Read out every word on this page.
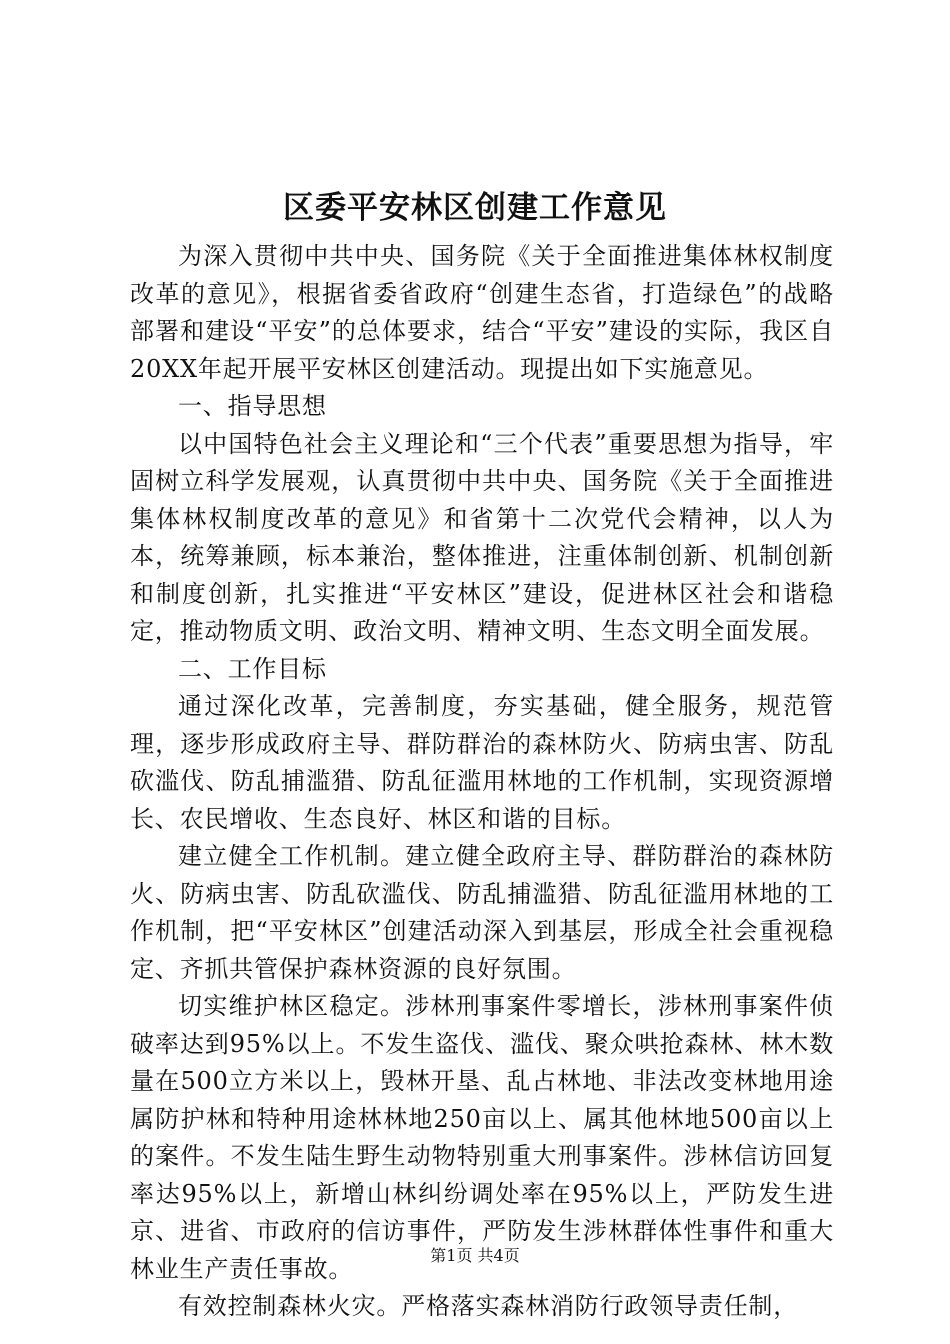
区委平安林区创建工作意见

为深入贯彻中共中央、国务院《关于全面推进集体林权制度改革的意见》，根据省委省政府“创建生态省，打造绿色”的战略部署和建设“平安”的总体要求，结合“平安”建设的实际，我区自20XX年起开展平安林区创建活动。现提出如下实施意见。

一、指导思想

以中国特色社会主义理论和“三个代表”重要思想为指导，牢固树立科学发展观，认真贯彻中共中央、国务院《关于全面推进集体林权制度改革的意见》和省第十二次党代会精神，以人为本，统筹兼顾，标本兼治，整体推进，注重体制创新、机制创新和制度创新，扎实推进“平安林区”建设，促进林区社会和谐稳定，推动物质文明、政治文明、精神文明、生态文明全面发展。

二、工作目标

通过深化改革，完善制度，夯实基础，健全服务，规范管理，逐步形成政府主导、群防群治的森林防火、防病虫害、防乱砍滥伐、防乱捕滥猎、防乱征滥用林地的工作机制，实现资源增长、农民增收、生态良好、林区和谐的目标。

建立健全工作机制。建立健全政府主导、群防群治的森林防火、防病虫害、防乱砍滥伐、防乱捕滥猎、防乱征滥用林地的工作机制，把“平安林区”创建活动深入到基层，形成全社会重视稳定、齐抓共管保护森林资源的良好氛围。

切实维护林区稳定。涉林刑事案件零增长，涉林刑事案件侦破率达到95%以上。不发生盗伐、滥伐、聚众哄抢森林、林木数量在500立方米以上，毁林开垦、乱占林地、非法改变林地用途属防护林和特种用途林林地250亩以上、属其他林地500亩以上的案件。不发生陆生野生动物特别重大刑事案件。涉林信访回复率达95%以上，新增山林纠纷调处率在95%以上，严防发生进京、进省、市政府的信访事件，严防发生涉林群体性事件和重大林业生产责任事故。

有效控制森林火灾。严格落实森林消防行政领导责任制，

第1页 共4页
